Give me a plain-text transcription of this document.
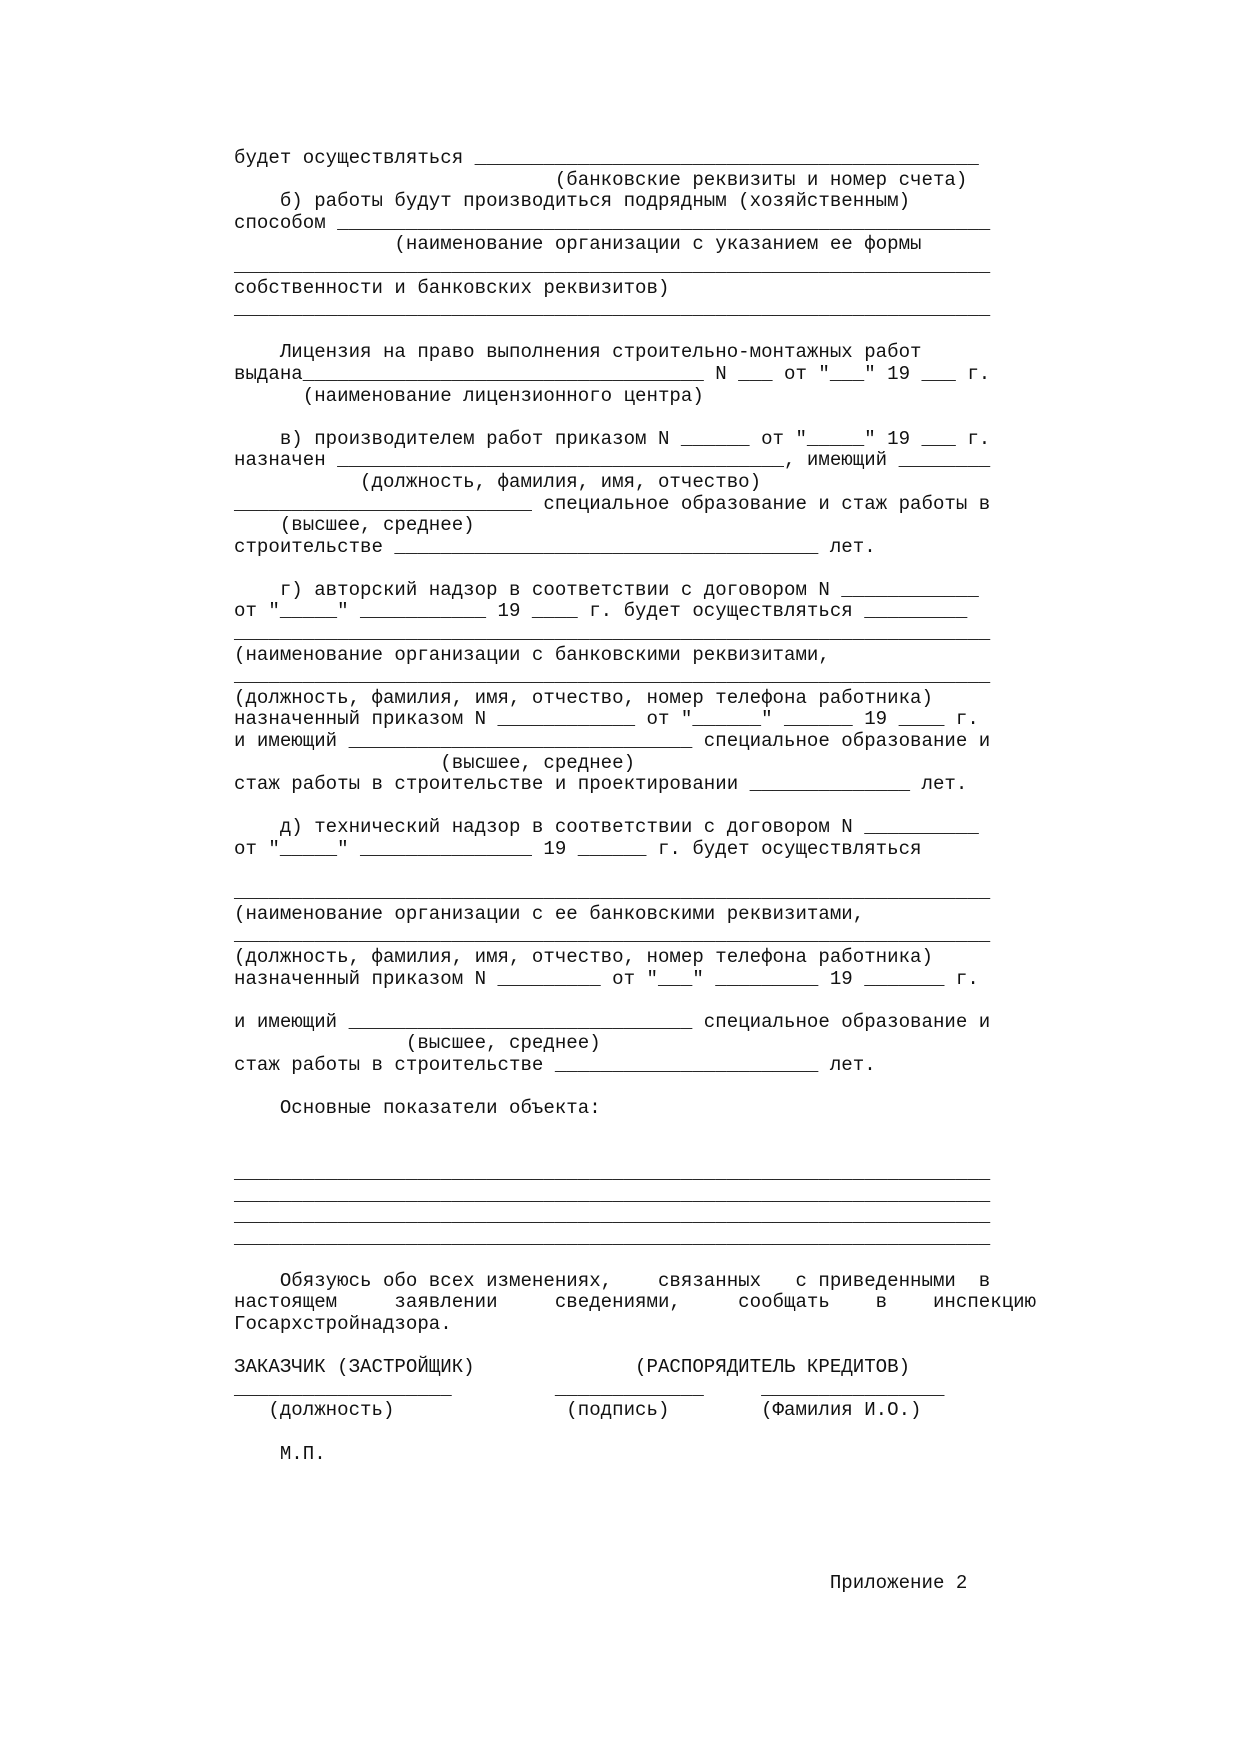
будет осуществляться ____________________________________________
(банковские реквизиты и номер счета)
б) работы будут производиться подрядным (хозяйственным)
способом _________________________________________________________
(наименование организации с указанием ее формы
__________________________________________________________________
собственности и банковских реквизитов)
__________________________________________________________________
Лицензия на право выполнения строительно-монтажных работ
выдана___________________________________ N ___ от "___" 19 ___ г.
(наименование лицензионного центра)
в) производителем работ приказом N ______ от "_____" 19 ___ г.
назначен _______________________________________, имеющий ________
(должность, фамилия, имя, отчество)
__________________________ специальное образование и стаж работы в
(высшее, среднее)
строительстве _____________________________________ лет.
г) авторский надзор в соответствии с договором N ____________
от "_____" ___________ 19 ____ г. будет осуществляться _________
__________________________________________________________________
(наименование организации с банковскими реквизитами,
__________________________________________________________________
(должность, фамилия, имя, отчество, номер телефона работника)
назначенный приказом N ____________ от "______" ______ 19 ____ г.
и имеющий ______________________________ специальное образование и
(высшее, среднее)
стаж работы в строительстве и проектировании ______________ лет.
д) технический надзор в соответствии с договором N __________
от "_____" _______________ 19 ______ г. будет осуществляться
__________________________________________________________________
(наименование организации с ее банковскими реквизитами,
__________________________________________________________________
(должность, фамилия, имя, отчество, номер телефона работника)
назначенный приказом N _________ от "___" _________ 19 _______ г.
и имеющий ______________________________ специальное образование и
(высшее, среднее)
стаж работы в строительстве _______________________ лет.
Основные показатели объекта:
__________________________________________________________________
__________________________________________________________________
__________________________________________________________________
__________________________________________________________________
Обязуюсь обо всех изменениях,    связанных   с приведенными  в
настоящем     заявлении     сведениями,     сообщать    в    инспекцию
Госархстройнадзора.
ЗАКАЗЧИК (ЗАСТРОЙЩИК)              (РАСПОРЯДИТЕЛЬ КРЕДИТОВ)
___________________         _____________     ________________
(должность)               (подпись)        (Фамилия И.О.)
М.П.
Приложение 2
